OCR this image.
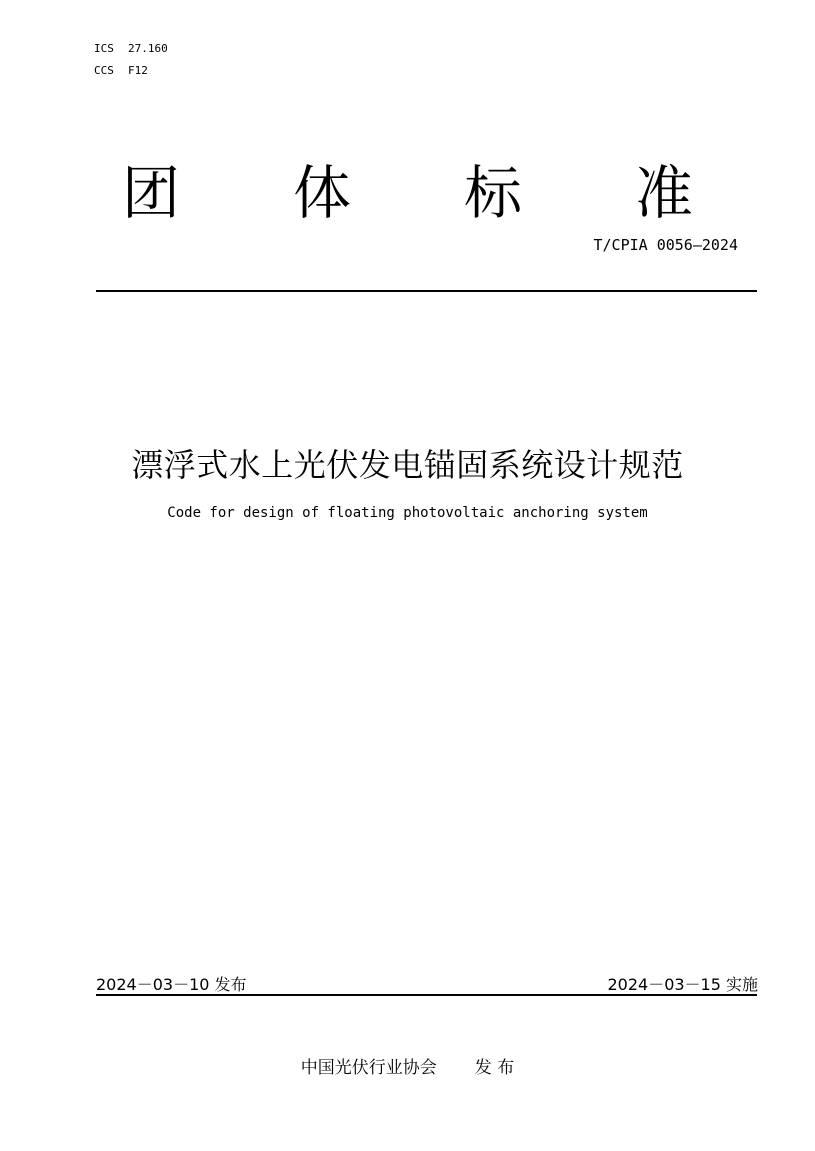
ICS 27.160
CCS F12
团 体 标 准
T/CPIA 0056—2024
漂浮式水上光伏发电锚固系统设计规范
Code for design of floating photovoltaic anchoring system
2024－03－10 发布	2024－03－15 实施
中国光伏行业协会 发 布
